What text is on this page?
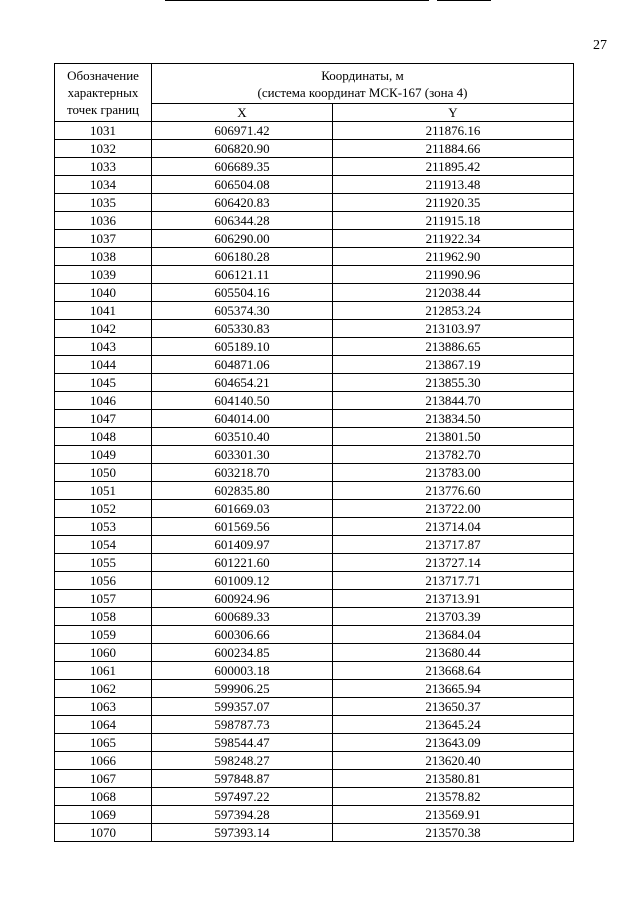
27
Обозначение характерных точек границ	Координаты, м
(система координат МСК-167 (зона 4)	

	X	Y
1031	606971.42	211876.16
1032	606820.90	211884.66
1033	606689.35	211895.42
1034	606504.08	211913.48
1035	606420.83	211920.35
1036	606344.28	211915.18
1037	606290.00	211922.34
1038	606180.28	211962.90
1039	606121.11	211990.96
1040	605504.16	212038.44
1041	605374.30	212853.24
1042	605330.83	213103.97
1043	605189.10	213886.65
1044	604871.06	213867.19
1045	604654.21	213855.30
1046	604140.50	213844.70
1047	604014.00	213834.50
1048	603510.40	213801.50
1049	603301.30	213782.70
1050	603218.70	213783.00
1051	602835.80	213776.60
1052	601669.03	213722.00
1053	601569.56	213714.04
1054	601409.97	213717.87
1055	601221.60	213727.14
1056	601009.12	213717.71
1057	600924.96	213713.91
1058	600689.33	213703.39
1059	600306.66	213684.04
1060	600234.85	213680.44
1061	600003.18	213668.64
1062	599906.25	213665.94
1063	599357.07	213650.37
1064	598787.73	213645.24
1065	598544.47	213643.09
1066	598248.27	213620.40
1067	597848.87	213580.81
1068	597497.22	213578.82
1069	597394.28	213569.91
1070	597393.14	213570.38
